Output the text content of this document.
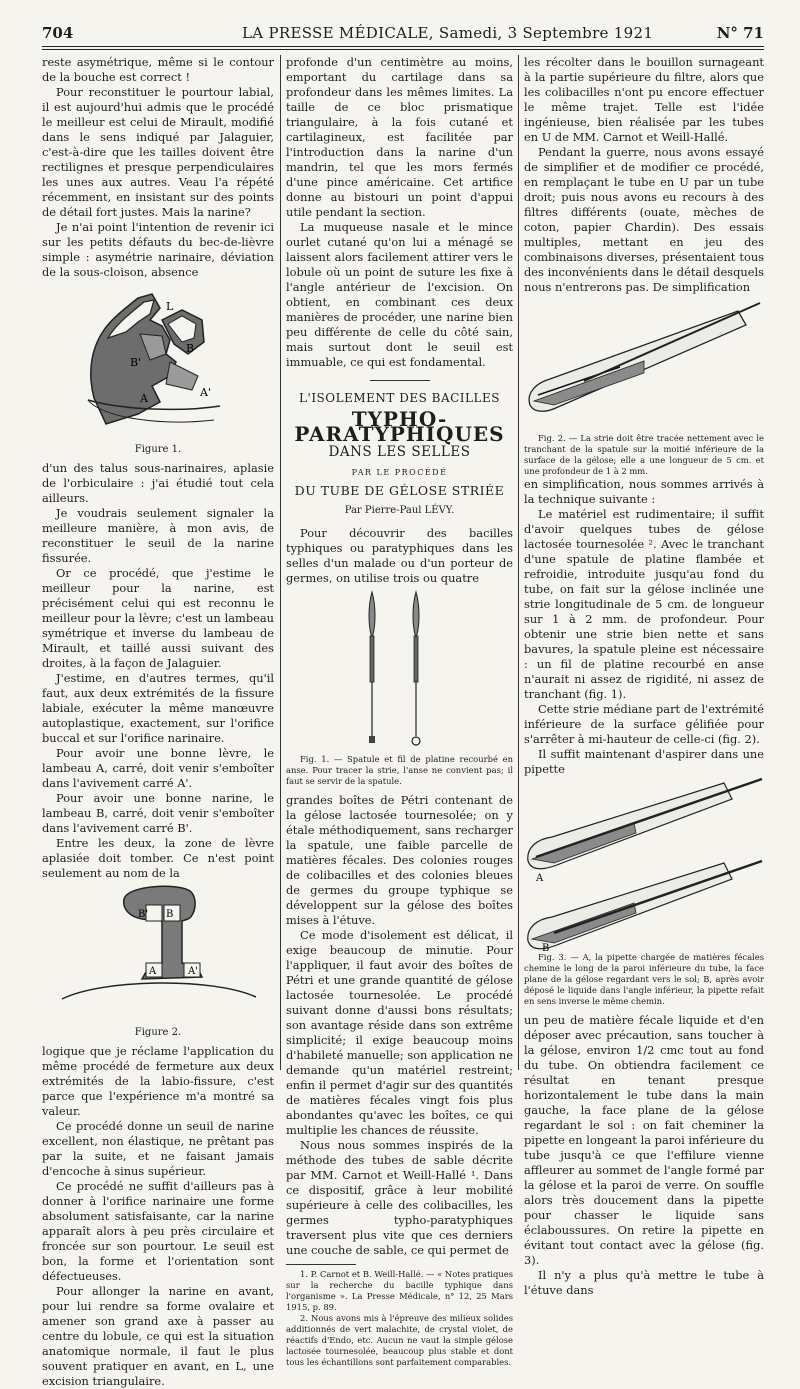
704	LA PRESSE MÉDICALE, Samedi, 3 Septembre 1921	N° 71

reste asymétrique, même si le contour de la bouche est correct !

Pour reconstituer le pourtour labial, il est aujourd'hui admis que le procédé le meilleur est celui de Mirault, modifié dans le sens indiqué par Jalaguier, c'est-à-dire que les tailles doivent être rectilignes et presque perpendiculaires les unes aux autres. Veau l'a répété récemment, en insistant sur des points de détail fort justes. Mais la narine?

Je n'ai point l'intention de revenir ici sur les petits défauts du bec-de-lièvre simple : asymétrie narinaire, déviation de la sous-cloison, absence

L
B'
B
A	A'
Figure 1.

d'un des talus sous-narinaires, aplasie de l'orbiculaire : j'ai étudié tout cela ailleurs.

Je voudrais seulement signaler la meilleure manière, à mon avis, de reconstituer le seuil de la narine fissurée.

Or ce procédé, que j'estime le meilleur pour la narine, est précisément celui qui est reconnu le meilleur pour la lèvre; c'est un lambeau symétrique et inverse du lambeau de Mirault, et taillé aussi suivant des droites, à la façon de Jalaguier.

J'estime, en d'autres termes, qu'il faut, aux deux extrémités de la fissure labiale, exécuter la même manœuvre autoplastique, exactement, sur l'orifice buccal et sur l'orifice narinaire.

Pour avoir une bonne lèvre, le lambeau A, carré, doit venir s'emboîter dans l'avivement carré A'.

Pour avoir une bonne narine, le lambeau B, carré, doit venir s'emboîter dans l'avivement carré B'.

Entre les deux, la zone de lèvre aplasiée doit tomber. Ce n'est point seulement au nom de la

B' B
A	A'
Figure 2.

logique que je réclame l'application du même procédé de fermeture aux deux extrémités de la labio-fissure, c'est parce que l'expérience m'a montré sa valeur.

Ce procédé donne un seuil de narine excellent, non élastique, ne prêtant pas par la suite, et ne faisant jamais d'encoche à sinus supérieur.

Ce procédé ne suffit d'ailleurs pas à donner à l'orifice narinaire une forme absolument satisfaisante, car la narine apparaît alors à peu près circulaire et froncée sur son pourtour. Le seuil est bon, la forme et l'orientation sont défectueuses.

Pour allonger la narine en avant, pour lui rendre sa forme ovalaire et amener son grand axe à passer au centre du lobule, ce qui est la situation anatomique normale, il faut le plus souvent pratiquer en avant, en L, une excision triangulaire.

profonde d'un centimètre au moins, emportant du cartilage dans sa profondeur dans les mêmes limites. La taille de ce bloc prismatique triangulaire, à la fois cutané et cartilagineux, est facilitée par l'introduction dans la narine d'un mandrin, tel que les mors fermés d'une pince américaine. Cet artifice donne au bistouri un point d'appui utile pendant la section.

La muqueuse nasale et le mince ourlet cutané qu'on lui a ménagé se laissent alors facilement attirer vers le lobule où un point de suture les fixe à l'angle antérieur de l'excision. On obtient, en combinant ces deux manières de procéder, une narine bien peu différente de celle du côté sain, mais surtout dont le seuil est immuable, ce qui est fondamental.

L'ISOLEMENT DES BACILLES
TYPHO-PARATYPHIQUES
DANS LES SELLES
PAR LE PROCÉDÉ
DU TUBE DE GÉLOSE STRIÉE
Par Pierre-Paul LÉVY.

Pour découvrir des bacilles typhiques ou paratyphiques dans les selles d'un malade ou d'un porteur de germes, on utilise trois ou quatre

Fig. 1. — Spatule et fil de platine recourbé en anse. Pour tracer la strie, l'anse ne convient pas; il faut se servir de la spatule.

grandes boîtes de Pétri contenant de la gélose lactosée tournesolée; on y étale méthodiquement, sans recharger la spatule, une faible parcelle de matières fécales. Des colonies rouges de colibacilles et des colonies bleues de germes du groupe typhique se développent sur la gélose des boîtes mises à l'étuve.

Ce mode d'isolement est délicat, il exige beaucoup de minutie. Pour l'appliquer, il faut avoir des boîtes de Pétri et une grande quantité de gélose lactosée tournesolée. Le procédé suivant donne d'aussi bons résultats; son avantage réside dans son extrême simplicité; il exige beaucoup moins d'habileté manuelle; son application ne demande qu'un matériel restreint; enfin il permet d'agir sur des quantités de matières fécales vingt fois plus abondantes qu'avec les boîtes, ce qui multiplie les chances de réussite.

Nous nous sommes inspirés de la méthode des tubes de sable décrite par MM. Carnot et Weill-Hallé ¹. Dans ce dispositif, grâce à leur mobilité supérieure à celle des colibacilles, les germes typho-paratyphiques traversent plus vite que ces derniers une couche de sable, ce qui permet de

1. P. Carnot et B. Weill-Hallé. — « Notes pratiques sur la recherche du bacille typhique dans l'organisme ». La Presse Médicale, n° 12, 25 Mars 1915, p. 89.

2. Nous avons mis à l'épreuve des milieux solides additionnés de vert malachite, de crystal violet, de réactifs d'Endo, etc. Aucun ne vaut la simple gélose lactosée tournesolée, beaucoup plus stable et dont tous les échantillons sont parfaitement comparables.

les récolter dans le bouillon surnageant à la partie supérieure du filtre, alors que les colibacilles n'ont pu encore effectuer le même trajet. Telle est l'idée ingénieuse, bien réalisée par les tubes en U de MM. Carnot et Weill-Hallé.

Pendant la guerre, nous avons essayé de simplifier et de modifier ce procédé, en remplaçant le tube en U par un tube droit; puis nous avons eu recours à des filtres différents (ouate, mèches de coton, papier Chardin). Des essais multiples, mettant en jeu des combinaisons diverses, présentaient tous des inconvénients dans le détail desquels nous n'entrerons pas. De simplification

Fig. 2. — La strie doit être tracée nettement avec le tranchant de la spatule sur la moitié inférieure de la surface de la gélose; elle a une longueur de 5 cm. et une profondeur de 1 à 2 mm.

en simplification, nous sommes arrivés à la technique suivante :

Le matériel est rudimentaire; il suffit d'avoir quelques tubes de gélose lactosée tournesolée ². Avec le tranchant d'une spatule de platine flambée et refroidie, introduite jusqu'au fond du tube, on fait sur la gélose inclinée une strie longitudinale de 5 cm. de longueur sur 1 à 2 mm. de profondeur. Pour obtenir une strie bien nette et sans bavures, la spatule pleine est nécessaire : un fil de platine recourbé en anse n'aurait ni assez de rigidité, ni assez de tranchant (fig. 1).

Cette strie médiane part de l'extrémité inférieure de la surface gélifiée pour s'arrêter à mi-hauteur de celle-ci (fig. 2).

Il suffit maintenant d'aspirer dans une pipette

A
B

Fig. 3. — A, la pipette chargée de matières fécales chemine le long de la paroi inférieure du tube, la face plane de la gélose regardant vers le sol; B, après avoir déposé le liquide dans l'angle inférieur, la pipette refait en sens inverse le même chemin.

un peu de matière fécale liquide et d'en déposer avec précaution, sans toucher à la gélose, environ 1/2 cmc tout au fond du tube. On obtiendra facilement ce résultat en tenant presque horizontalement le tube dans la main gauche, la face plane de la gélose regardant le sol : on fait cheminer la pipette en longeant la paroi inférieure du tube jusqu'à ce que l'effilure vienne affleurer au sommet de l'angle formé par la gélose et la paroi de verre. On souffle alors très doucement dans la pipette pour chasser le liquide sans éclaboussures. On retire la pipette en évitant tout contact avec la gélose (fig. 3).

Il n'y a plus qu'à mettre le tube à l'étuve dans
